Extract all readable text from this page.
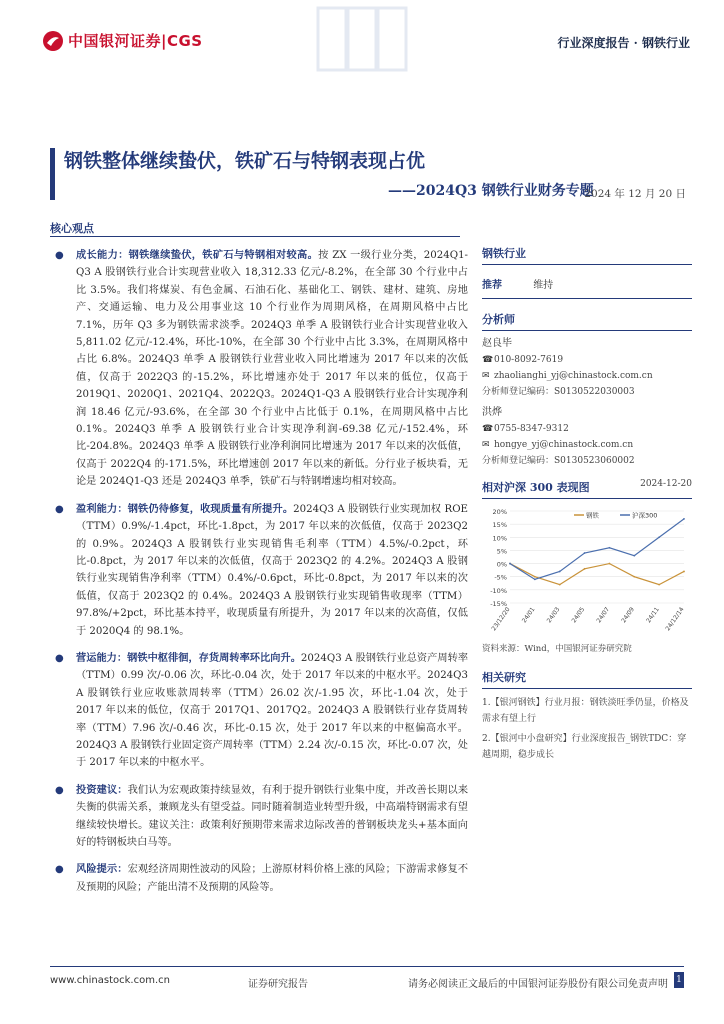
中国银河证券|CGS	行业深度报告 · 钢铁行业
钢铁整体继续蛰伏，铁矿石与特钢表现占优
——2024Q3 钢铁行业财务专题
2024 年 12 月 20 日
核心观点
● 成长能力：钢铁继续蛰伏，铁矿石与特钢相对较高。按 ZX 一级行业分类，2024Q1-Q3 A 股钢铁行业合计实现营业收入 18,312.33 亿元/-8.2%，在全部 30 个行业中占比 3.5%。我们将煤炭、有色金属、石油石化、基础化工、钢铁、建材、建筑、房地产、交通运输、电力及公用事业这 10 个行业作为周期风格，在周期风格中占比 7.1%，历年 Q3 多为钢铁需求淡季。2024Q3 单季 A 股钢铁行业合计实现营业收入 5,811.02 亿元/-12.4%，环比-10%，在全部 30 个行业中占比 3.3%，在周期风格中占比 6.8%。2024Q3 单季 A 股钢铁行业营业收入同比增速为 2017 年以来的次低值，仅高于 2022Q3 的-15.2%，环比增速亦处于 2017 年以来的低位，仅高于 2019Q1、2020Q1、2021Q4、2022Q3。2024Q1-Q3 A 股钢铁行业合计实现净利润 18.46 亿元/-93.6%，在全部 30 个行业中占比低于 0.1%，在周期风格中占比 0.1%。2024Q3 单季 A 股钢铁行业合计实现净利润-69.38 亿元/-152.4%，环比-204.8%。2024Q3 单季 A 股钢铁行业净利润同比增速为 2017 年以来的次低值，仅高于 2022Q4 的-171.5%，环比增速创 2017 年以来的新低。分行业子板块看，无论是 2024Q1-Q3 还是 2024Q3 单季，铁矿石与特钢增速均相对较高。
● 盈利能力：钢铁仍待修复，收现质量有所提升。2024Q3 A 股钢铁行业实现加权 ROE（TTM）0.9%/-1.4pct，环比-1.8pct，为 2017 年以来的次低值，仅高于 2023Q2 的 0.9%。2024Q3 A 股钢铁行业实现销售毛利率（TTM）4.5%/-0.2pct，环比-0.8pct，为 2017 年以来的次低值，仅高于 2023Q2 的 4.2%。2024Q3 A 股钢铁行业实现销售净利率（TTM）0.4%/-0.6pct，环比-0.8pct，为 2017 年以来的次低值，仅高于 2023Q2 的 0.4%。2024Q3 A 股钢铁行业实现销售收现率（TTM）97.8%/+2pct，环比基本持平，收现质量有所提升，为 2017 年以来的次高值，仅低于 2020Q4 的 98.1%。
● 营运能力：钢铁中枢徘徊，存货周转率环比向升。2024Q3 A 股钢铁行业总资产周转率（TTM）0.99 次/-0.06 次，环比-0.04 次，处于 2017 年以来的中枢水平。2024Q3 A 股钢铁行业应收账款周转率（TTM）26.02 次/-1.95 次，环比-1.04 次，处于 2017 年以来的低位，仅高于 2017Q1、2017Q2。2024Q3 A 股钢铁行业存货周转率（TTM）7.96 次/-0.46 次，环比-0.15 次，处于 2017 年以来的中枢偏高水平。2024Q3 A 股钢铁行业固定资产周转率（TTM）2.24 次/-0.15 次，环比-0.07 次，处于 2017 年以来的中枢水平。
● 投资建议：我们认为宏观政策持续显效，有利于提升钢铁行业集中度，并改善长期以来失衡的供需关系，兼顾龙头有望受益。同时随着制造业转型升级，中高端特钢需求有望继续较快增长。建议关注：政策利好预期带来需求边际改善的普钢板块龙头+基本面向好的特钢板块白马等。
● 风险提示：宏观经济周期性波动的风险；上游原材料价格上涨的风险；下游需求修复不及预期的风险；产能出清不及预期的风险等。
钢铁行业
推荐	维持
分析师
赵良毕
☎010-8092-7619
✉ zhaolianghi_yj@chinastock.com.cn
分析师登记编码：S0130522030003
洪烨
☎0755-8347-9312
✉ hongye_yj@chinastock.com.cn
分析师登记编码：S0130523060002
相对沪深 300 表现图	2024-12-20
20%
15%
10%
5%
0%
-5%
-10%
-15%
23/12/20 24/01 24/03 24/05 24/07 24/09 24/11 24/12/14
钢铁	沪深300
资料来源：Wind，中国银河证券研究院
相关研究
1.【银河钢铁】行业月报：钢铁淡旺季仍显，价格及需求有望上行
2.【银河中小盘研究】行业深度报告_钢铁TDC：穿越周期，稳步成长
www.chinastock.com.cn	证券研究报告	请务必阅读正文最后的中国银河证券股份有限公司免责声明 1
